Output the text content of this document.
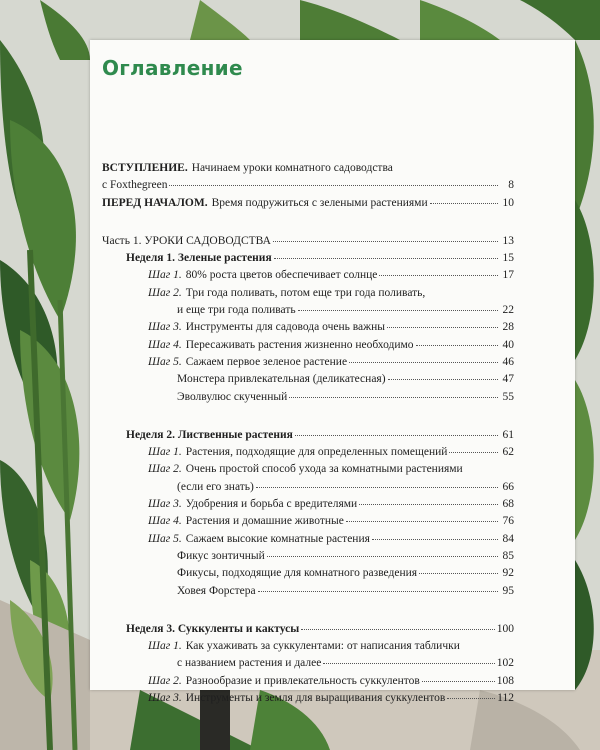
Оглавление
ВСТУПЛЕНИЕ. Начинаем уроки комнатного садоводства
с Foxthegreen	8
ПЕРЕД НАЧАЛОМ. Время подружиться с зелеными растениями	10
Часть 1. УРОКИ САДОВОДСТВА	13
Неделя 1. Зеленые растения	15
Шаг 1. 80% роста цветов обеспечивает солнце	17
Шаг 2. Три года поливать, потом еще три года поливать,
и еще три года поливать	22
Шаг 3. Инструменты для садовода очень важны	28
Шаг 4. Пересаживать растения жизненно необходимо	40
Шаг 5. Сажаем первое зеленое растение	46
Монстера привлекательная (деликатесная)	47
Эволвулюс скученный	55
Неделя 2. Лиственные растения	61
Шаг 1. Растения, подходящие для определенных помещений	62
Шаг 2. Очень простой способ ухода за комнатными растениями
(если его знать)	66
Шаг 3. Удобрения и борьба с вредителями	68
Шаг 4. Растения и домашние животные	76
Шаг 5. Сажаем высокие комнатные растения	84
Фикус зонтичный	85
Фикусы, подходящие для комнатного разведения	92
Ховея Форстера	95
Неделя 3. Суккуленты и кактусы	100
Шаг 1. Как ухаживать за суккулентами: от написания таблички
с названием растения и далее	102
Шаг 2. Разнообразие и привлекательность суккулентов	108
Шаг 3. Инструменты и земля для выращивания суккулентов	112
